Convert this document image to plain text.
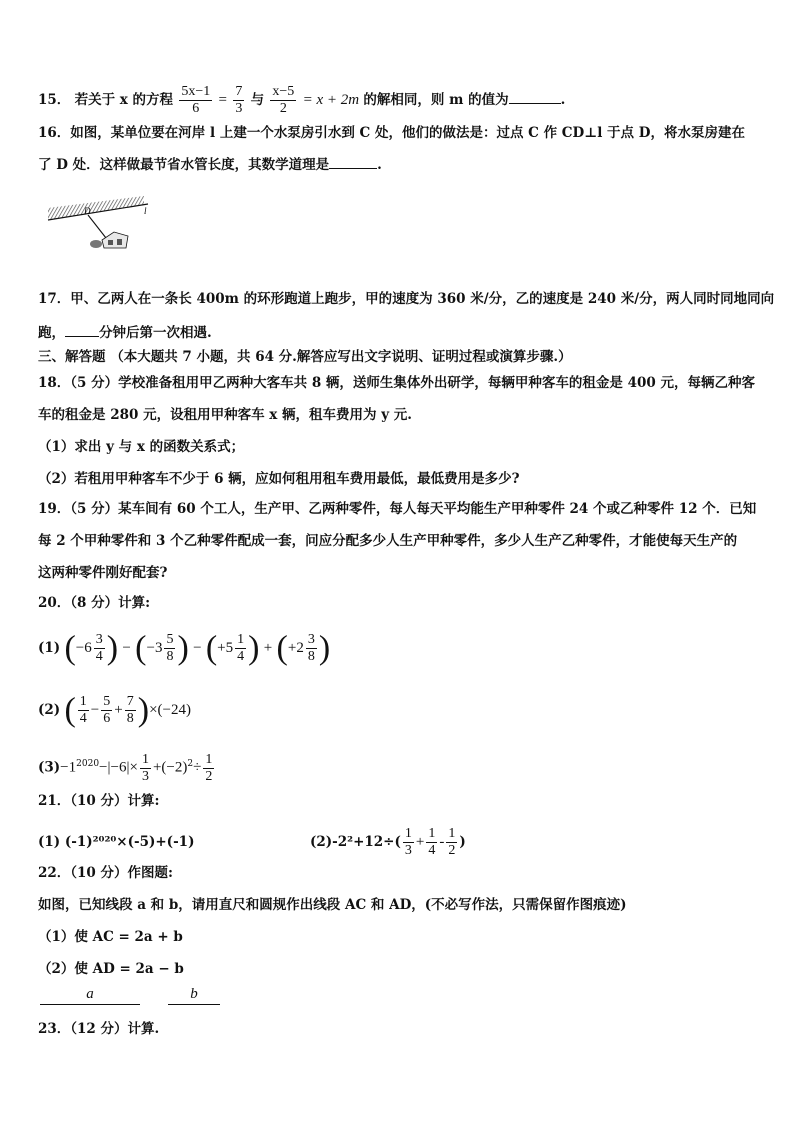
15． 若关于 x 的方程 $\frac{5x-1}{6} = \frac{7}{3}$ 与 $\frac{x-5}{2} = x + 2m$ 的解相同，则 m 的值为	.
16．如图，某单位要在河岸 l 上建一个水泵房引水到 C 处，他们的做法是：过点 C 作 CD⊥l 于点 D，将水泵房建在
了 D 处．这样做最节省水管长度，其数学道理是	.
l
D
17．甲、乙两人在一条长 400m 的环形跑道上跑步，甲的速度为 360 米/分，乙的速度是 240 米/分，两人同时同地同向
跑，	分钟后第一次相遇.
三、解答题 （本大题共 7 小题，共 64 分.解答应写出文字说明、证明过程或演算步骤.）
18．（5 分）学校准备租用甲乙两种大客车共 8 辆，送师生集体外出研学，每辆甲种客车的租金是 400 元，每辆乙种客
车的租金是 280 元，设租用甲种客车 x 辆，租车费用为 y 元.
（1）求出 y 与 x 的函数关系式；
（2）若租用甲种客车不少于 6 辆，应如何租用租车费用最低，最低费用是多少?
19．（5 分）某车间有 60 个工人，生产甲、乙两种零件，每人每天平均能生产甲种零件 24 个或乙种零件 12 个．已知
每 2 个甲种零件和 3 个乙种零件配成一套，问应分配多少人生产甲种零件，多少人生产乙种零件，才能使每天生产的
这两种零件刚好配套?
20．（8 分）计算:
(1) ($-6 \frac{3}{4}$ ) − ($-3 \frac{5}{8}$ ) − ($+5 \frac{1}{4}$ ) + ($+2 \frac{3}{8}$ )
(2) ( $\frac{1}{4} - \frac{5}{6} + \frac{7}{8} )\times(-24)$
$(3)-1^{2020}-|-6|\times \frac{1}{3} +(-2)^2\div \frac{1}{2}$
21．（10 分）计算:
(1) (-1)²⁰²⁰×(-5)+(-1)	$(2)-2^2+12\div( \frac{1}{3} + \frac{1}{4} - \frac{1}{2}$ )
22．（10 分）作图题:
如图，已知线段 a 和 b，请用直尺和圆规作出线段 AC 和 AD，(不必写作法，只需保留作图痕迹)
（1）使 AC = 2a + b
（2）使 AD = 2a − b
a	b
23．（12 分）计算.
